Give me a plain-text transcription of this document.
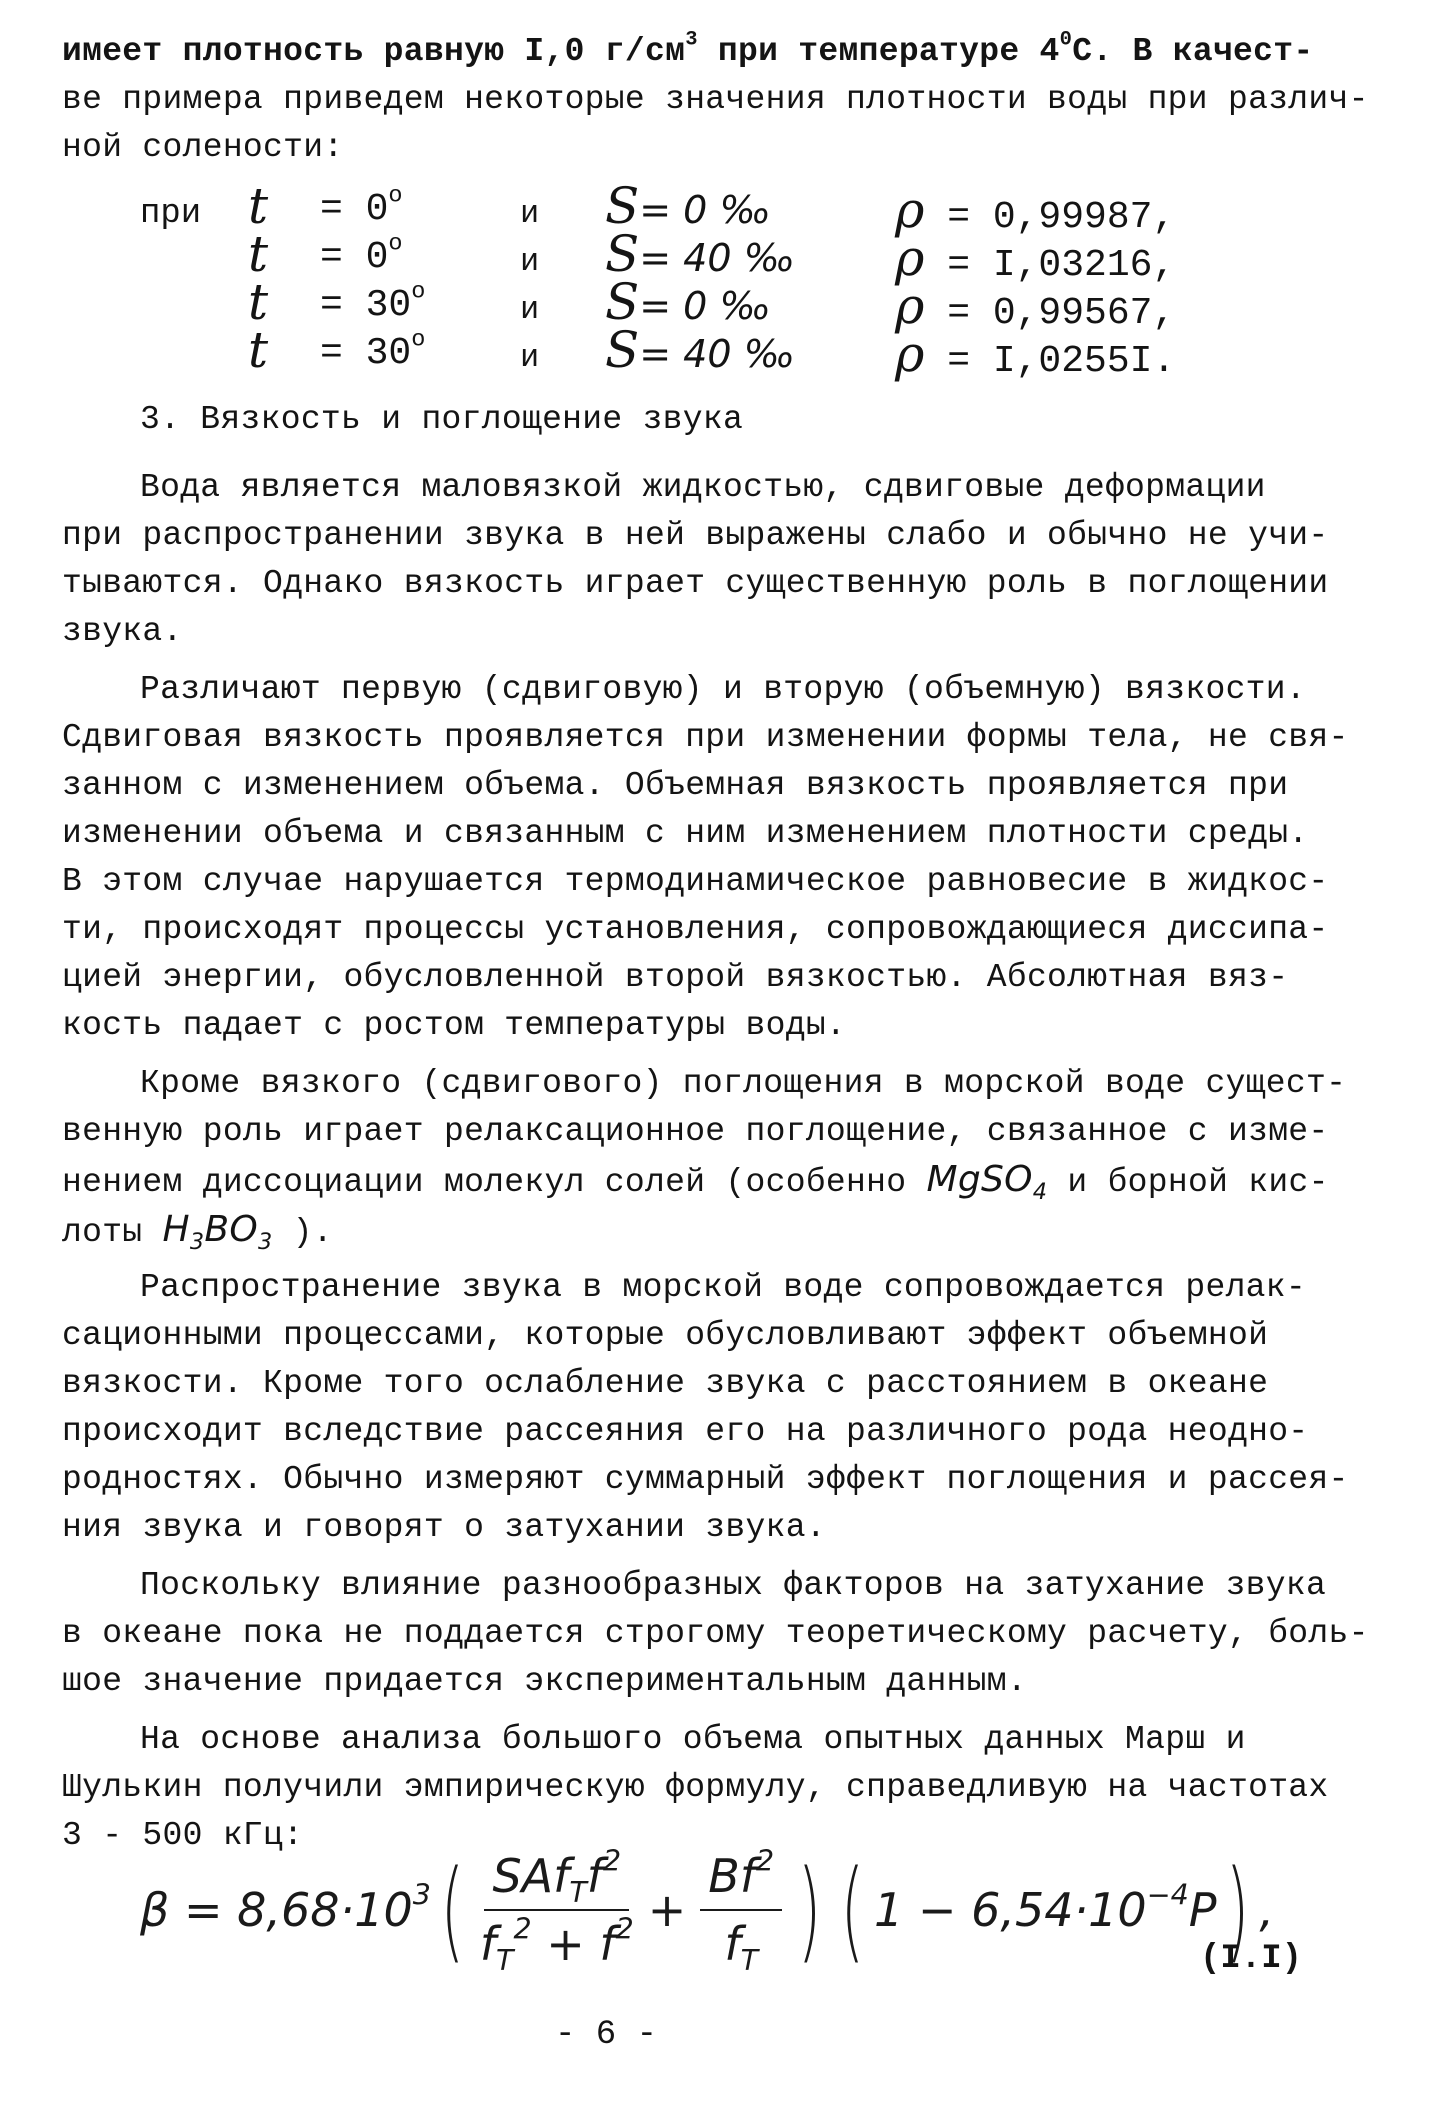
имеет плотность равную I,0 $г/см^3$ при температуре $4^0С$. В качест-
ве примера приведем некоторые значения плотности воды при различ-
ной солености:
при $t = 0^o$	и S= 0 ‰ ρ = 0,99987,
$t = 0^o$	и S= 40 ‰ ρ = I,03216,
$t = 30^o$	и S= 0 ‰ ρ = 0,99567,
$t = 30^o$	и S= 40 ‰ ρ = I,0255I.
3. Вязкость и поглощение звука
Вода является маловязкой жидкостью, сдвиговые деформации
при распространении звука в ней выражены слабо и обычно не учи-
тываются. Однако вязкость играет существенную роль в поглощении
звука.
Различают первую (сдвиговую) и вторую (объемную) вязкости.
Сдвиговая вязкость проявляется при изменении формы тела, не свя-
занном с изменением объема. Объемная вязкость проявляется при
изменении объема и связанным с ним изменением плотности среды.
В этом случае нарушается термодинамическое равновесие в жидкос-
ти, происходят процессы установления, сопровождающиеся диссипа-
цией энергии, обусловленной второй вязкостью. Абсолютная вяз-
кость падает с ростом температуры воды.
Кроме вязкого (сдвигового) поглощения в морской воде сущест-
венную роль играет релаксационное поглощение, связанное с изме-
нением диссоциации молекул солей (особенно MgSO$_4$ и борной кис-
лоты $H_3BO_3$ ).
Распространение звука в морской воде сопровождается релак-
сационными процессами, которые обусловливают эффект объемной
вязкости. Кроме того ослабление звука с расстоянием в океане
происходит вследствие рассеяния его на различного рода неодно-
родностях. Обычно измеряют суммарный эффект поглощения и рассея-
ния звука и говорят о затухании звука.
Поскольку влияние разнообразных факторов на затухание звука
в океане пока не поддается строгому теоретическому расчету, боль-
шое значение придается экспериментальным данным.
На основе анализа большого объема опытных данных Марш и
Шулькин получили эмпирическую формулу, справедливую на частотах
3 - 500 кГц:
$\beta = 8,68\cdot 10^3$ ( $\frac{SAf_Tf^2}{f_T^2 + f^2} + \frac{Bf^2}{f_T}$ ) ( $1 - 6,54\cdot 10^{-4}P$ ) ,
(I.I)
- 6 -
